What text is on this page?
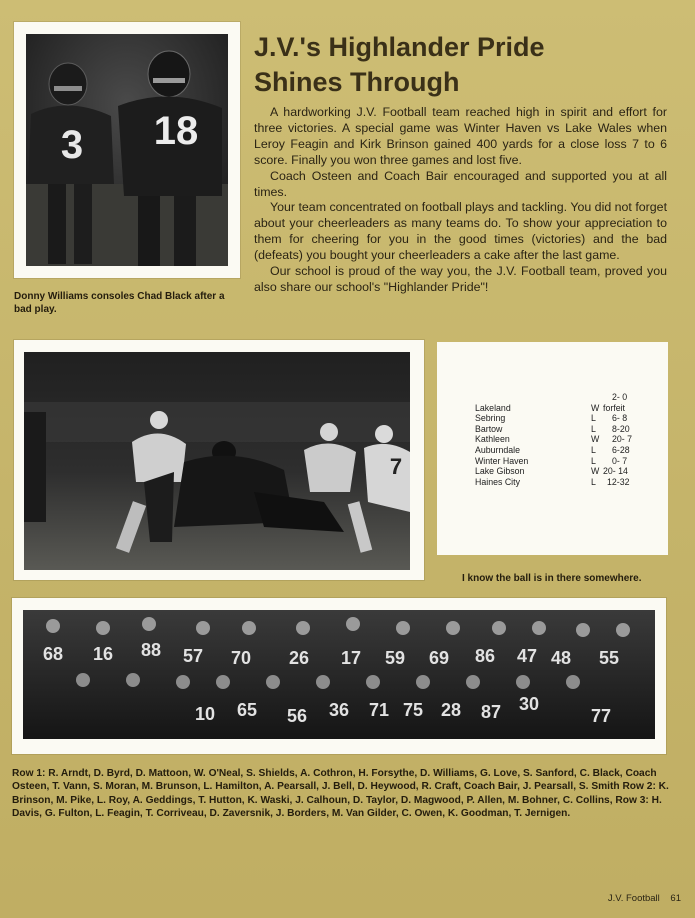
3 18
Donny Williams consoles Chad Black after a bad play.
J.V.'s Highlander Pride
Shines Through

A hardworking J.V. Football team reached high in spirit and effort for three victories. A special game was Winter Haven vs Lake Wales when Leroy Feagin and Kirk Brinson gained 400 yards for a close loss 7 to 6 score. Finally you won three games and lost five.

Coach Osteen and Coach Bair encouraged and supported you at all times.

Your team concentrated on football plays and tackling. You did not forget about your cheerleaders as many teams do. To show your appreciation to them for cheering for you in the good times (victories) and the bad (defeats) you bought your cheerleaders a cake after the last game.

Our school is proud of the way you, the J.V. Football team, proved you also share our school's "Highlander Pride"!

7
		2- 0
Lakeland	W	forfeit
Sebring	L	6- 8
Bartow	L	8-20
Kathleen	W	20- 7
Auburndale	L	6-28
Winter Haven	L	0- 7
Lake Gibson	W	20- 14
Haines City	L	12-32
I know the ball is in there somewhere.
68 16 88 57 70 26 17 59 69 86 47 48 55
10 65 56 36 71 75 28 87 30
77
Row 1: R. Arndt, D. Byrd, D. Mattoon, W. O'Neal, S. Shields, A. Cothron, H. Forsythe, D. Williams, G. Love, S. Sanford, C. Black, Coach Osteen, T. Vann, S. Moran, M. Brunson, L. Hamilton, A. Pearsall, J. Bell, D. Heywood, R. Craft, Coach Bair, J. Pearsall, S. Smith Row 2: K. Brinson, M. Pike, L. Roy, A. Geddings, T. Hutton, K. Waski, J. Calhoun, D. Taylor, D. Magwood, P. Allen, M. Bohner, C. Collins, Row 3: H. Davis, G. Fulton, L. Feagin, T. Corriveau, D. Zaversnik, J. Borders, M. Van Gilder, C. Owen, K. Goodman, T. Jernigen.
J.V. Football 61
